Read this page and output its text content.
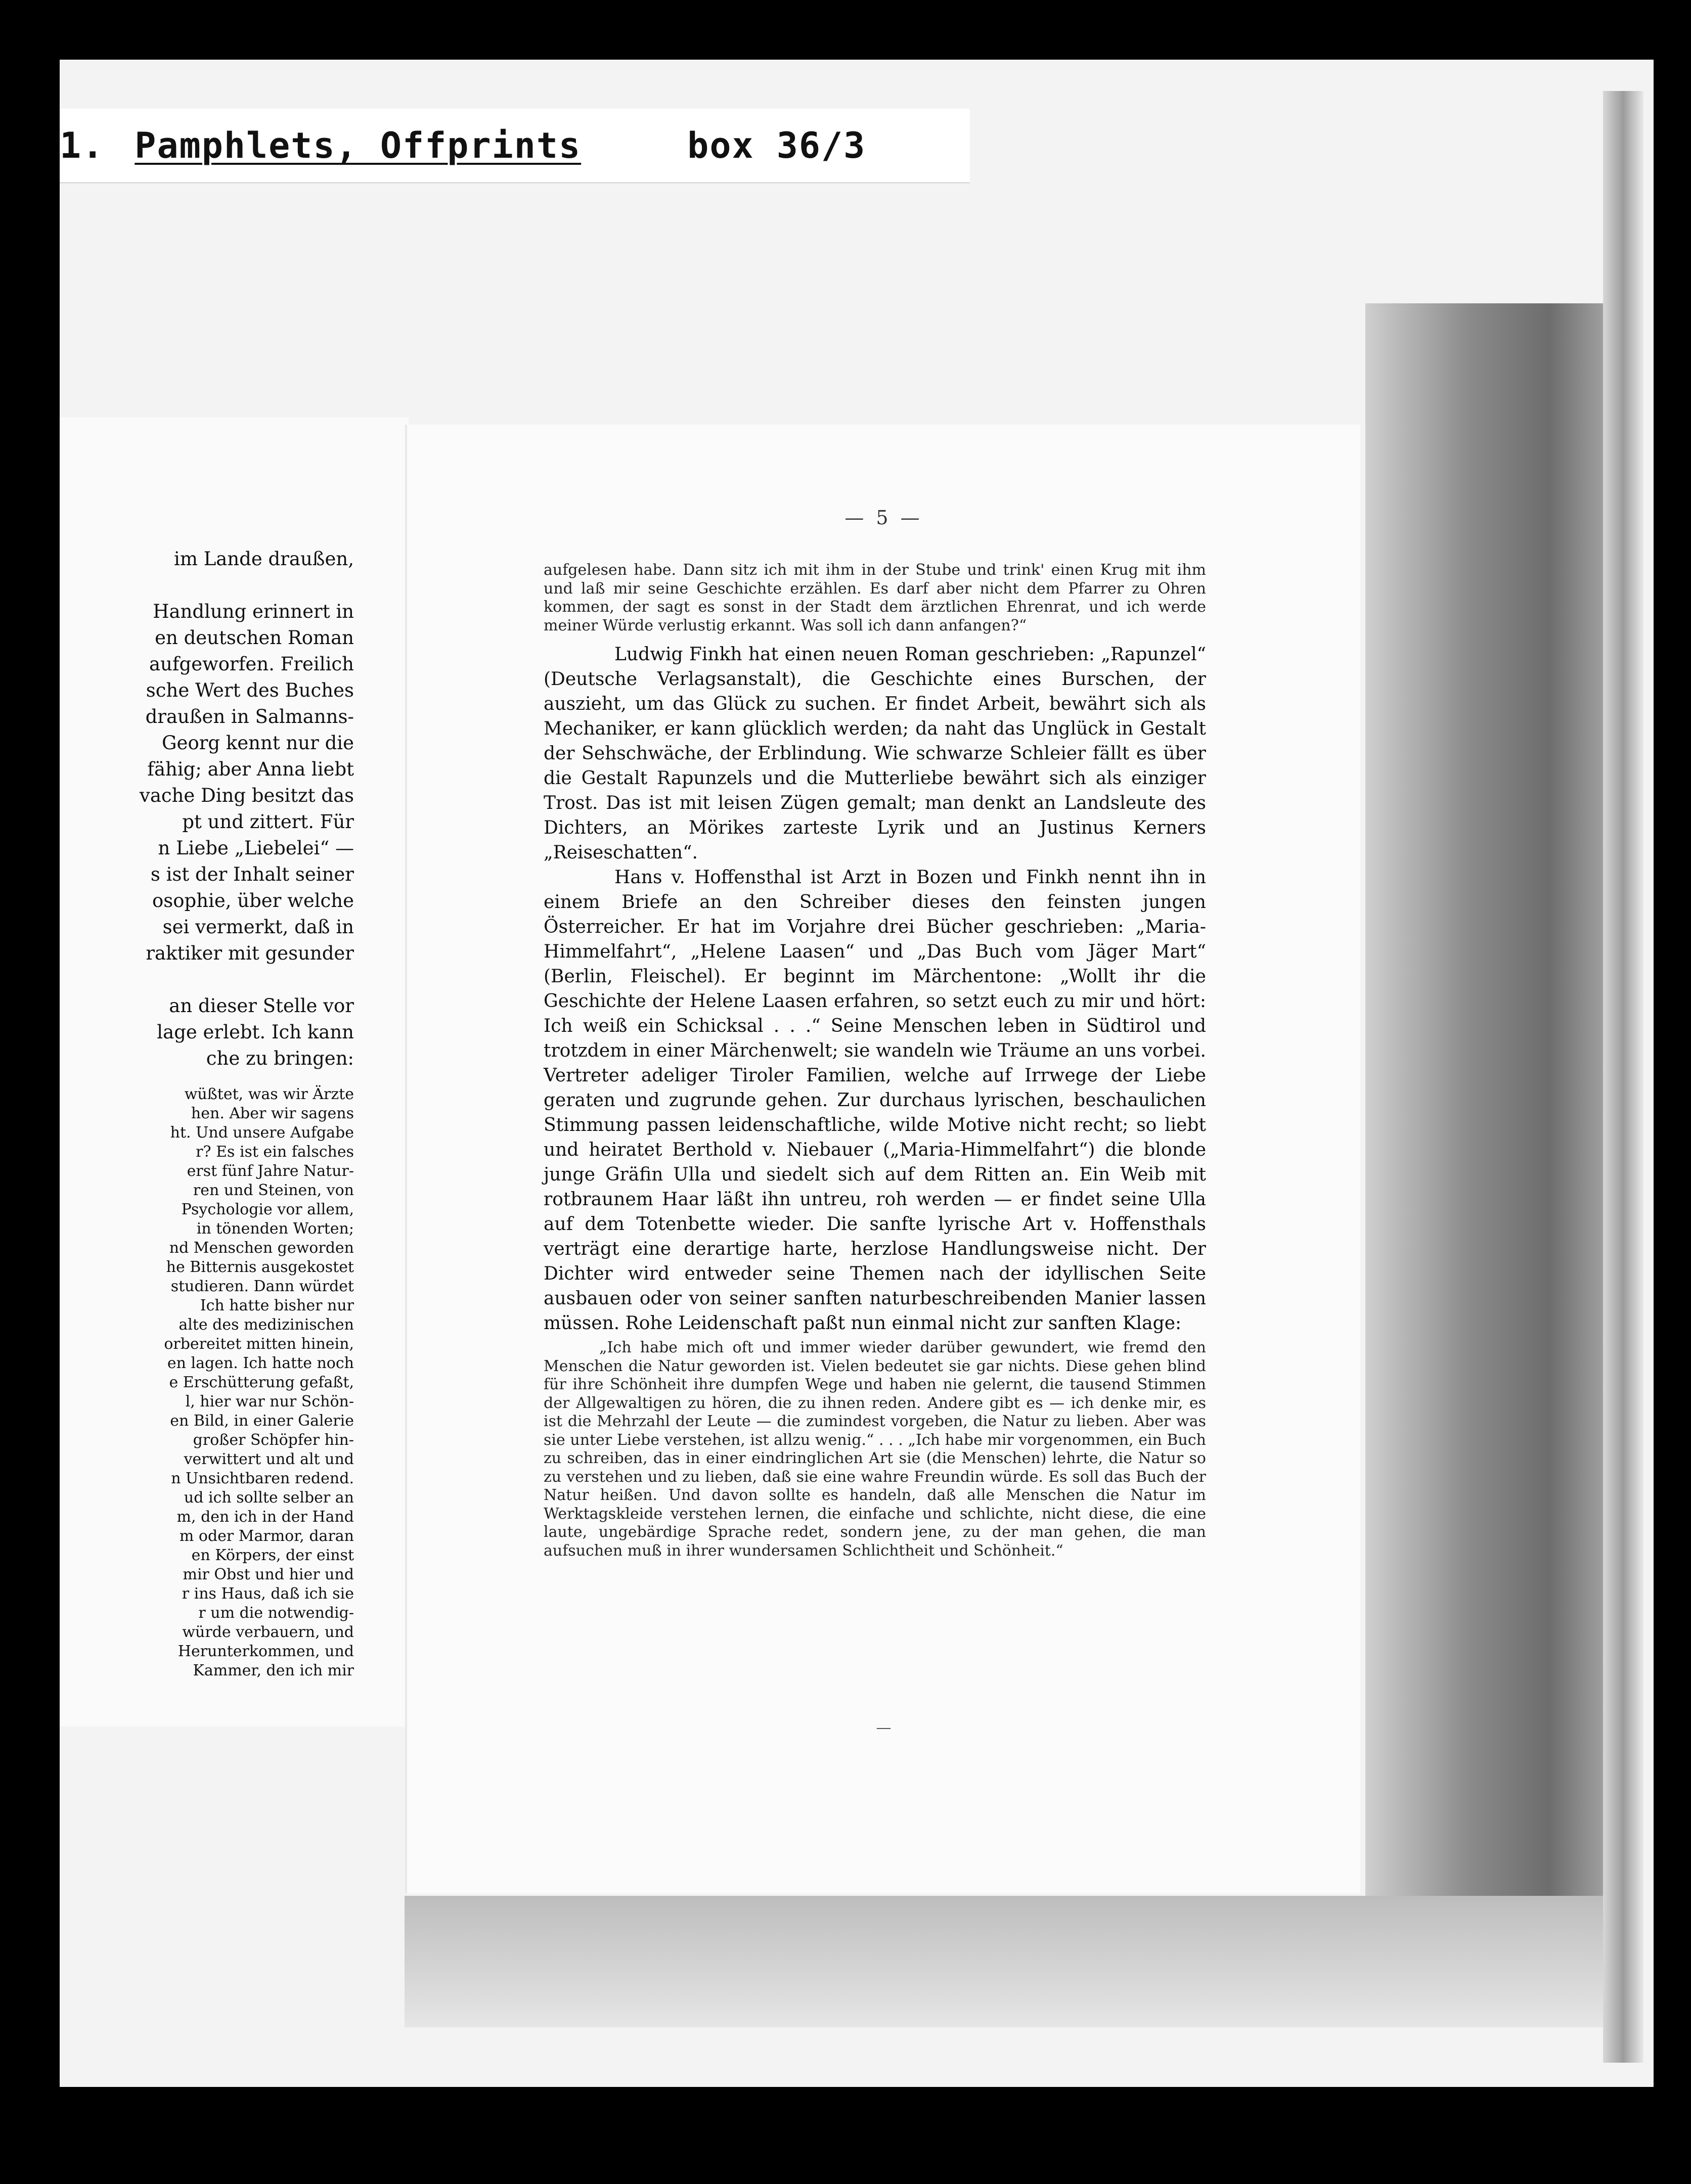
1. Pamphlets, Offprints	box 36/3
im Lande draußen,

Handlung erinnert in
en deutschen Roman
aufgeworfen. Freilich
sche Wert des Buches
draußen in Salmanns-
Georg kennt nur die
fähig; aber Anna liebt
vache Ding besitzt das
pt und zittert. Für
n Liebe „Liebelei“ —
s ist der Inhalt seiner
osophie, über welche
sei vermerkt, daß in
raktiker mit gesunder

an dieser Stelle vor
lage erlebt. Ich kann
che zu bringen:
wüßtet, was wir Ärzte
hen. Aber wir sagens
ht. Und unsere Aufgabe
r? Es ist ein falsches
erst fünf Jahre Natur-
ren und Steinen, von
Psychologie vor allem,
in tönenden Worten;
nd Menschen geworden
he Bitternis ausgekostet
studieren. Dann würdet
Ich hatte bisher nur
alte des medizinischen
orbereitet mitten hinein,
en lagen. Ich hatte noch
e Erschütterung gefaßt,
l, hier war nur Schön-
en Bild, in einer Galerie
großer Schöpfer hin-
verwittert und alt und
n Unsichtbaren redend.
ud ich sollte selber an
m, den ich in der Hand
m oder Marmor, daran
en Körpers, der einst
mir Obst und hier und
r ins Haus, daß ich sie
r um die notwendig-
würde verbauern, und
Herunterkommen, und
Kammer, den ich mir
— 5 —
aufgelesen habe. Dann sitz ich mit ihm in der Stube und trink' einen Krug mit ihm und laß mir seine Geschichte erzählen. Es darf aber nicht dem Pfarrer zu Ohren kommen, der sagt es sonst in der Stadt dem ärztlichen Ehrenrat, und ich werde meiner Würde verlustig erkannt. Was soll ich dann anfangen?“
Ludwig Finkh hat einen neuen Roman geschrieben: „Rapunzel“ (Deutsche Verlagsanstalt), die Geschichte eines Burschen, der auszieht, um das Glück zu suchen. Er findet Arbeit, bewährt sich als Mechaniker, er kann glücklich werden; da naht das Unglück in Gestalt der Sehschwäche, der Erblindung. Wie schwarze Schleier fällt es über die Gestalt Rapunzels und die Mutterliebe bewährt sich als einziger Trost. Das ist mit leisen Zügen gemalt; man denkt an Landsleute des Dichters, an Mörikes zarteste Lyrik und an Justinus Kerners „Reiseschatten“.
Hans v. Hoffensthal ist Arzt in Bozen und Finkh nennt ihn in einem Briefe an den Schreiber dieses den feinsten jungen Österreicher. Er hat im Vorjahre drei Bücher geschrieben: „Maria-Himmelfahrt“, „Helene Laasen“ und „Das Buch vom Jäger Mart“ (Berlin, Fleischel). Er beginnt im Märchentone: „Wollt ihr die Geschichte der Helene Laasen erfahren, so setzt euch zu mir und hört: Ich weiß ein Schicksal . . .“ Seine Menschen leben in Südtirol und trotzdem in einer Märchenwelt; sie wandeln wie Träume an uns vorbei. Vertreter adeliger Tiroler Familien, welche auf Irrwege der Liebe geraten und zugrunde gehen. Zur durchaus lyrischen, beschaulichen Stimmung passen leidenschaftliche, wilde Motive nicht recht; so liebt und heiratet Berthold v. Niebauer („Maria-Himmelfahrt“) die blonde junge Gräfin Ulla und siedelt sich auf dem Ritten an. Ein Weib mit rotbraunem Haar läßt ihn untreu, roh werden — er findet seine Ulla auf dem Totenbette wieder. Die sanfte lyrische Art v. Hoffensthals verträgt eine derartige harte, herzlose Handlungsweise nicht. Der Dichter wird entweder seine Themen nach der idyllischen Seite ausbauen oder von seiner sanften naturbeschreibenden Manier lassen müssen. Rohe Leidenschaft paßt nun einmal nicht zur sanften Klage:
„Ich habe mich oft und immer wieder darüber gewundert, wie fremd den Menschen die Natur geworden ist. Vielen bedeutet sie gar nichts. Diese gehen blind für ihre Schönheit ihre dumpfen Wege und haben nie gelernt, die tausend Stimmen der Allgewaltigen zu hören, die zu ihnen reden. Andere gibt es — ich denke mir, es ist die Mehrzahl der Leute — die zumindest vorgeben, die Natur zu lieben. Aber was sie unter Liebe verstehen, ist allzu wenig.“ . . . „Ich habe mir vorgenommen, ein Buch zu schreiben, das in einer eindringlichen Art sie (die Menschen) lehrte, die Natur so zu verstehen und zu lieben, daß sie eine wahre Freundin würde. Es soll das Buch der Natur heißen. Und davon sollte es handeln, daß alle Menschen die Natur im Werktagskleide verstehen lernen, die einfache und schlichte, nicht diese, die eine laute, ungebärdige Sprache redet, sondern jene, zu der man gehen, die man aufsuchen muß in ihrer wundersamen Schlichtheit und Schönheit.“
—
